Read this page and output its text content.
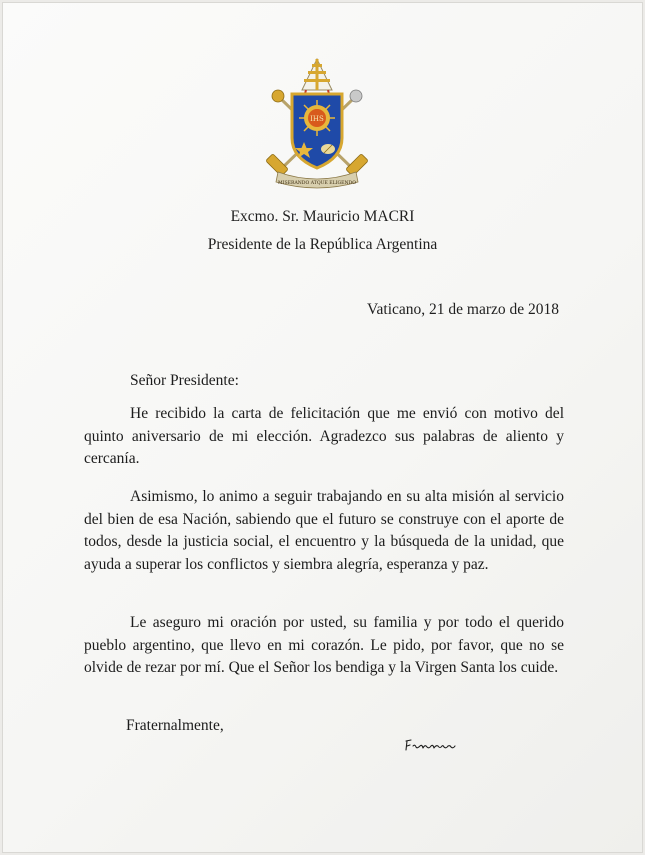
IHS
MISERANDO ATQUE ELIGENDO
Excmo. Sr. Mauricio MACRI
Presidente de la República Argentina
Vaticano, 21 de marzo de 2018

Señor Presidente:

He recibido la carta de felicitación que me envió con motivo del quinto aniversario de mi elección. Agradezco sus palabras de aliento y cercanía.

Asimismo, lo animo a seguir trabajando en su alta misión al servicio del bien de esa Nación, sabiendo que el futuro se construye con el aporte de todos, desde la justicia social, el encuentro y la búsqueda de la unidad, que ayuda a superar los conflictos y siembra alegría, esperanza y paz.

Le aseguro mi oración por usted, su familia y por todo el querido pueblo argentino, que llevo en mi corazón. Le pido, por favor, que no se olvide de rezar por mí. Que el Señor los bendiga y la Virgen Santa los cuide.

Fraternalmente,
